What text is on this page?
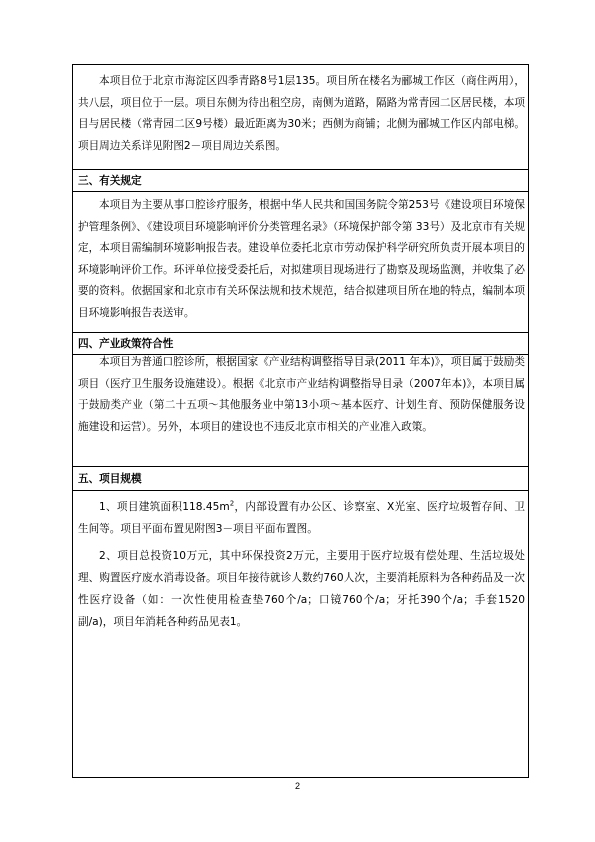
本项目位于北京市海淀区四季青路8号1层135。项目所在楼名为郦城工作区（商住两用），共八层，项目位于一层。项目东侧为待出租空房，南侧为道路，隔路为常青园二区居民楼，本项目与居民楼（常青园二区9号楼）最近距离为30米；西侧为商铺；北侧为郦城工作区内部电梯。项目周边关系详见附图2－项目周边关系图。
三、有关规定
本项目为主要从事口腔诊疗服务，根据中华人民共和国国务院令第253号《建设项目环境保护管理条例》、《建设项目环境影响评价分类管理名录》（环境保护部令第 33号）及北京市有关规定，本项目需编制环境影响报告表。建设单位委托北京市劳动保护科学研究所负责开展本项目的环境影响评价工作。环评单位接受委托后，对拟建项目现场进行了勘察及现场监测，并收集了必要的资料。依据国家和北京市有关环保法规和技术规范，结合拟建项目所在地的特点，编制本项目环境影响报告表送审。
四、产业政策符合性
本项目为普通口腔诊所，根据国家《产业结构调整指导目录(2011 年本)》，项目属于鼓励类项目（医疗卫生服务设施建设）。根据《北京市产业结构调整指导目录（2007年本)》，本项目属于鼓励类产业（第二十五项～其他服务业中第13小项～基本医疗、计划生育、预防保健服务设施建设和运营）。另外，本项目的建设也不违反北京市相关的产业准入政策。
五、项目规模
1、项目建筑面积$118.45m^2$，内部设置有办公区、诊察室、X光室、医疗垃圾暂存间、卫生间等。项目平面布置见附图3－项目平面布置图。
2、项目总投资10万元，其中环保投资2万元，主要用于医疗垃圾有偿处理、生活垃圾处理、购置医疗废水消毒设备。项目年接待就诊人数约760人次，主要消耗原料为各种药品及一次性医疗设备（如：一次性使用检查垫760个/a；口镜760个/a；牙托390个/a；手套1520副/a)，项目年消耗各种药品见表1。
2
